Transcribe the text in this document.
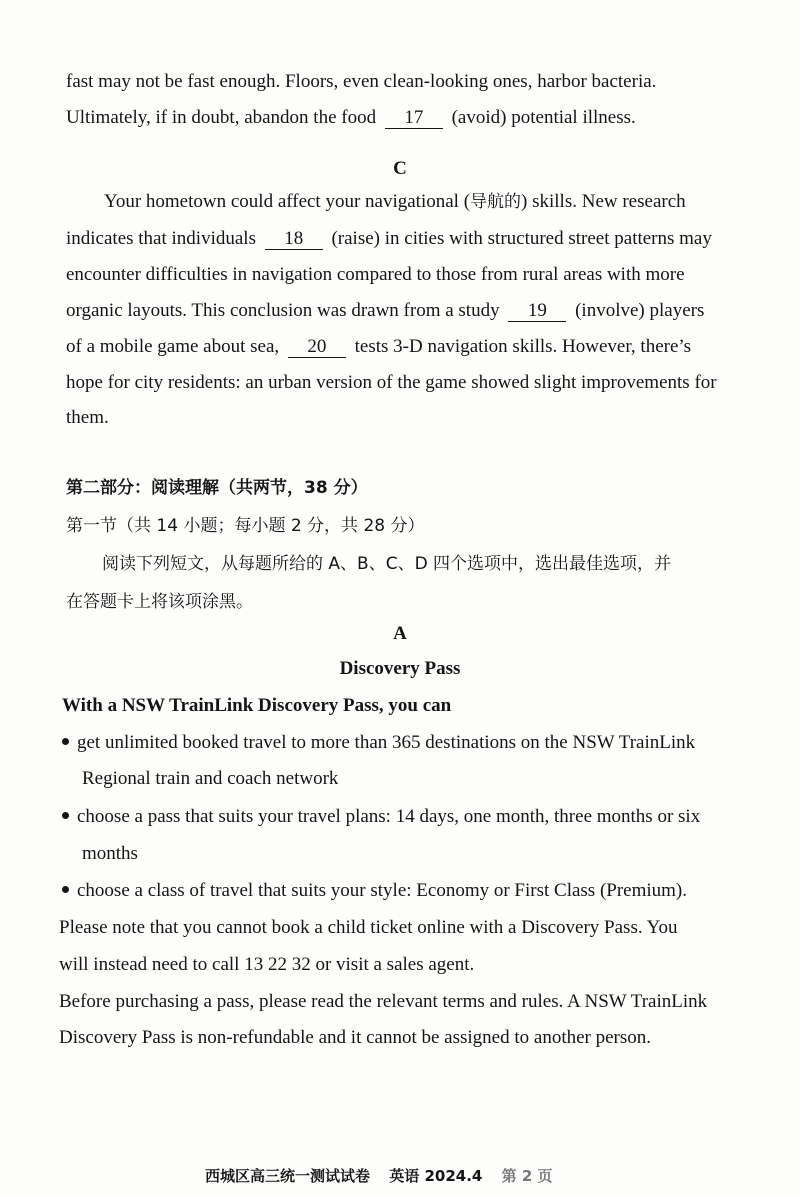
fast may not be fast enough. Floors, even clean-looking ones, harbor bacteria.
Ultimately, if in doubt, abandon the food 17 (avoid) potential illness.
C
Your hometown could affect your navigational (导航的) skills. New research
indicates that individuals 18 (raise) in cities with structured street patterns may
encounter difficulties in navigation compared to those from rural areas with more
organic layouts. This conclusion was drawn from a study 19 (involve) players
of a mobile game about sea, 20 tests 3-D navigation skills. However, there’s
hope for city residents: an urban version of the game showed slight improvements for
them.
第二部分：阅读理解（共两节，38 分）
第一节（共 14 小题；每小题 2 分，共 28 分）
阅读下列短文，从每题所给的 A、B、C、D 四个选项中，选出最佳选项，并
在答题卡上将该项涂黑。
A
Discovery Pass
With a NSW TrainLink Discovery Pass, you can
get unlimited booked travel to more than 365 destinations on the NSW TrainLink
Regional train and coach network
choose a pass that suits your travel plans: 14 days, one month, three months or six
months
choose a class of travel that suits your style: Economy or First Class (Premium).
Please note that you cannot book a child ticket online with a Discovery Pass. You
will instead need to call 13 22 32 or visit a sales agent.
Before purchasing a pass, please read the relevant terms and rules. A NSW TrainLink
Discovery Pass is non-refundable and it cannot be assigned to another person.
西城区高三统一测试试卷 英语 2024.4 第 2 页
